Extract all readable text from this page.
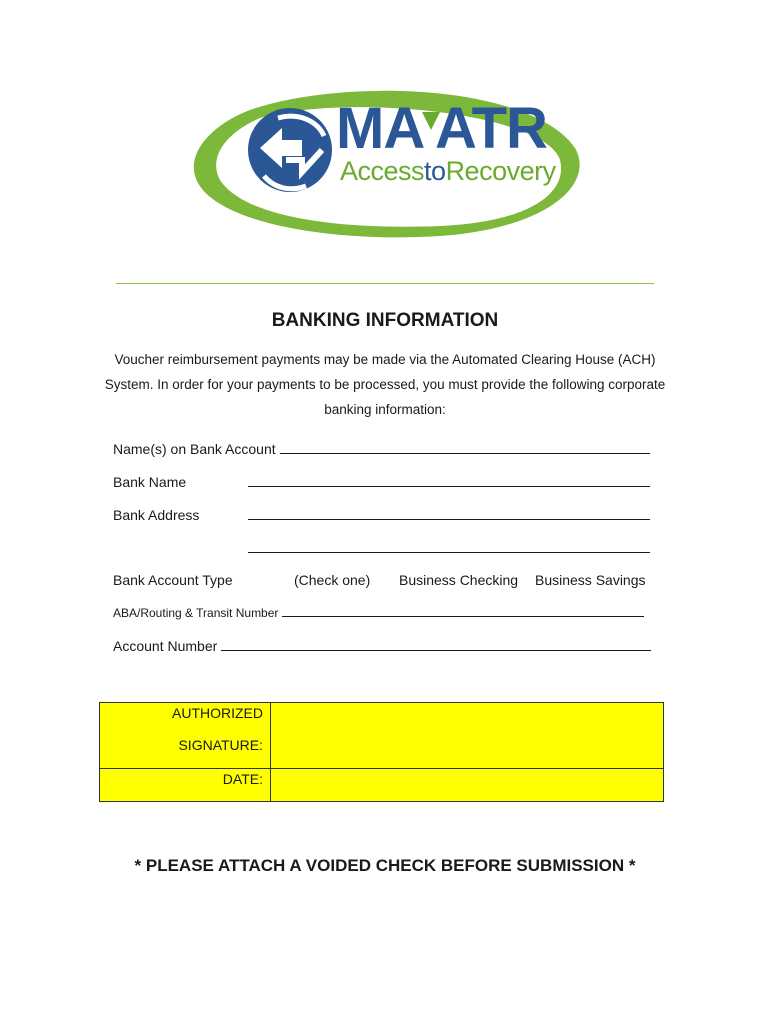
MA ATR
AccesstoRecovery
BANKING INFORMATION
Voucher reimbursement payments may be made via the Automated Clearing House (ACH) System. In order for your payments to be processed, you must provide the following corporate banking information:
Name(s) on Bank Account
Bank Name
Bank Address
Bank Account Type	(Check one) Business Checking Business Savings
ABA/Routing & Transit Number
Account Number
AUTHORIZED
SIGNATURE:
DATE:
* PLEASE ATTACH A VOIDED CHECK BEFORE SUBMISSION *
